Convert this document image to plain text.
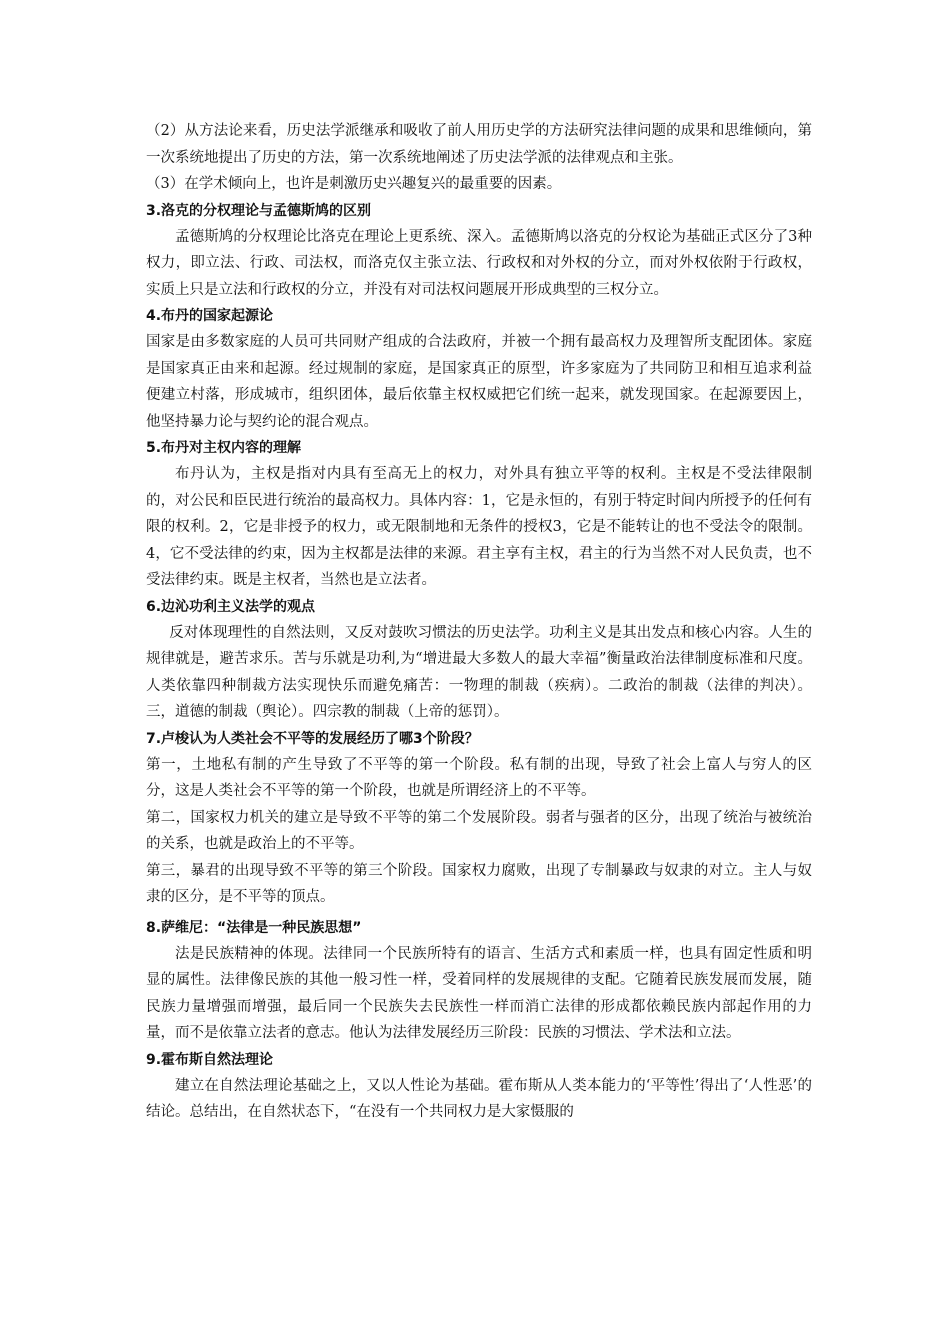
（2）从方法论来看，历史法学派继承和吸收了前人用历史学的方法研究法律问题的成果和思维倾向，第一次系统地提出了历史的方法，第一次系统地阐述了历史法学派的法律观点和主张。

（3）在学术倾向上，也许是刺激历史兴趣复兴的最重要的因素。

3.洛克的分权理论与孟德斯鸠的区别

孟德斯鸠的分权理论比洛克在理论上更系统、深入。孟德斯鸠以洛克的分权论为基础正式区分了3种权力，即立法、行政、司法权，而洛克仅主张立法、行政权和对外权的分立，而对外权依附于行政权，实质上只是立法和行政权的分立，并没有对司法权问题展开形成典型的三权分立。

4.布丹的国家起源论

国家是由多数家庭的人员可共同财产组成的合法政府，并被一个拥有最高权力及理智所支配团体。家庭是国家真正由来和起源。经过规制的家庭，是国家真正的原型，许多家庭为了共同防卫和相互追求利益便建立村落，形成城市，组织团体，最后依靠主权权威把它们统一起来，就发现国家。在起源要因上，他坚持暴力论与契约论的混合观点。

5.布丹对主权内容的理解

布丹认为，主权是指对内具有至高无上的权力，对外具有独立平等的权利。主权是不受法律限制的，对公民和臣民进行统治的最高权力。具体内容：1，它是永恒的，有别于特定时间内所授予的任何有限的权利。2，它是非授予的权力，或无限制地和无条件的授权3，它是不能转让的也不受法令的限制。4，它不受法律的约束，因为主权都是法律的来源。君主享有主权，君主的行为当然不对人民负责，也不受法律约束。既是主权者，当然也是立法者。

6.边沁功利主义法学的观点

反对体现理性的自然法则，又反对鼓吹习惯法的历史法学。功利主义是其出发点和核心内容。人生的规律就是，避苦求乐。苦与乐就是功利,为“增进最大多数人的最大幸福”衡量政治法律制度标准和尺度。人类依靠四种制裁方法实现快乐而避免痛苦：一物理的制裁（疾病）。二政治的制裁（法律的判决）。三，道德的制裁（舆论）。四宗教的制裁（上帝的惩罚）。

7.卢梭认为人类社会不平等的发展经历了哪3个阶段？

第一，土地私有制的产生导致了不平等的第一个阶段。私有制的出现，导致了社会上富人与穷人的区分，这是人类社会不平等的第一个阶段，也就是所谓经济上的不平等。

第二，国家权力机关的建立是导致不平等的第二个发展阶段。弱者与强者的区分，出现了统治与被统治的关系，也就是政治上的不平等。

第三，暴君的出现导致不平等的第三个阶段。国家权力腐败，出现了专制暴政与奴隶的对立。主人与奴隶的区分，是不平等的顶点。

8.萨维尼：“法律是一种民族思想”

法是民族精神的体现。法律同一个民族所特有的语言、生活方式和素质一样，也具有固定性质和明显的属性。法律像民族的其他一般习性一样，受着同样的发展规律的支配。它随着民族发展而发展，随民族力量增强而增强，最后同一个民族失去民族性一样而消亡法律的形成都依赖民族内部起作用的力量，而不是依靠立法者的意志。他认为法律发展经历三阶段：民族的习惯法、学术法和立法。

9.霍布斯自然法理论

建立在自然法理论基础之上，又以人性论为基础。霍布斯从人类本能力的‘平等性’得出了‘人性恶’的结论。总结出，在自然状态下，“在没有一个共同权力是大家慑服的
